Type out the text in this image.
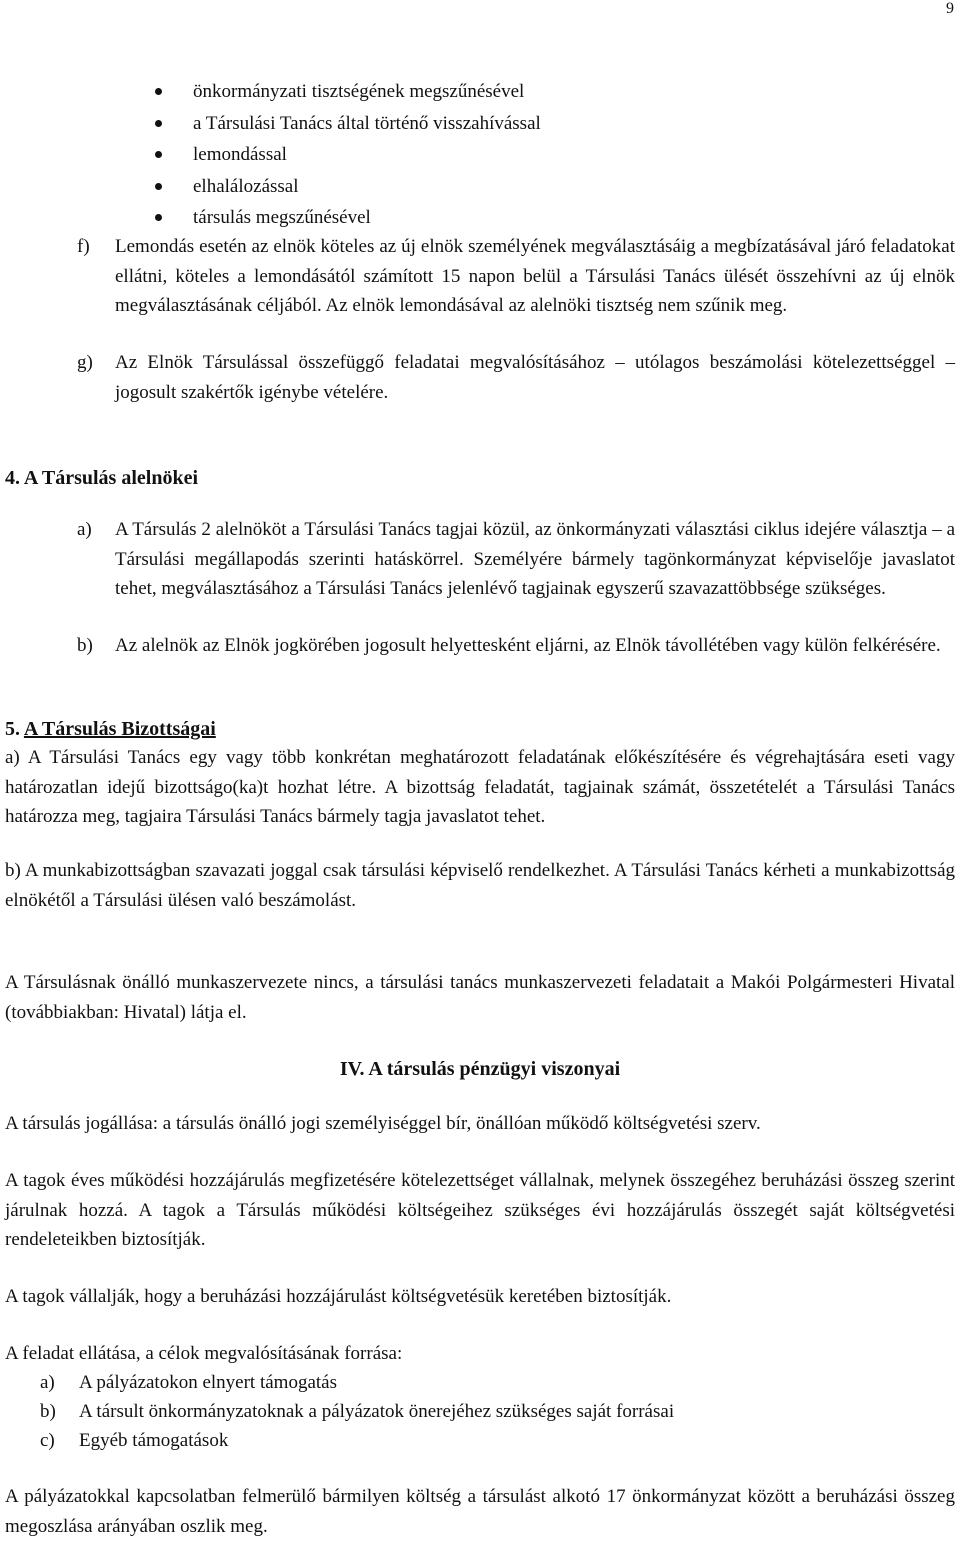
9
önkormányzati tisztségének megszűnésével
a Társulási Tanács által történő visszahívással
lemondással
elhalálozással
társulás megszűnésével
f) Lemondás esetén az elnök köteles az új elnök személyének megválasztásáig a megbízatásával járó feladatokat ellátni, köteles a lemondásától számított 15 napon belül a Társulási Tanács ülését összehívni az új elnök megválasztásának céljából. Az elnök lemondásával az alelnöki tisztség nem szűnik meg.
g) Az Elnök Társulással összefüggő feladatai megvalósításához – utólagos beszámolási kötelezettséggel – jogosult szakértők igénybe vételére.
4. A Társulás alelnökei
a) A Társulás 2 alelnököt a Társulási Tanács tagjai közül, az önkormányzati választási ciklus idejére választja – a Társulási megállapodás szerinti hatáskörrel. Személyére bármely tagönkormányzat képviselője javaslatot tehet, megválasztásához a Társulási Tanács jelenlévő tagjainak egyszerű szavazattöbbsége szükséges.
b) Az alelnök az Elnök jogkörében jogosult helyettesként eljárni, az Elnök távollétében vagy külön felkérésére.
5. A Társulás Bizottságai

a) A Társulási Tanács egy vagy több konkrétan meghatározott feladatának előkészítésére és végrehajtására eseti vagy határozatlan idejű bizottságo(ka)t hozhat létre. A bizottság feladatát, tagjainak számát, összetételét a Társulási Tanács határozza meg, tagjaira Társulási Tanács bármely tagja javaslatot tehet.

b) A munkabizottságban szavazati joggal csak társulási képviselő rendelkezhet. A Társulási Tanács kérheti a munkabizottság elnökétől a Társulási ülésen való beszámolást.

A Társulásnak önálló munkaszervezete nincs, a társulási tanács munkaszervezeti feladatait a Makói Polgármesteri Hivatal (továbbiakban: Hivatal) látja el.

IV. A társulás pénzügyi viszonyai

A társulás jogállása: a társulás önálló jogi személyiséggel bír, önállóan működő költségvetési szerv.

A tagok éves működési hozzájárulás megfizetésére kötelezettséget vállalnak, melynek összegéhez beruházási összeg szerint járulnak hozzá. A tagok a Társulás működési költségeihez szükséges évi hozzájárulás összegét saját költségvetési rendeleteikben biztosítják.

A tagok vállalják, hogy a beruházási hozzájárulást költségvetésük keretében biztosítják.

A feladat ellátása, a célok megvalósításának forrása:

a) A pályázatokon elnyert támogatás
b) A társult önkormányzatoknak a pályázatok önerejéhez szükséges saját forrásai
c) Egyéb támogatások

A pályázatokkal kapcsolatban felmerülő bármilyen költség a társulást alkotó 17 önkormányzat között a beruházási összeg megoszlása arányában oszlik meg.
